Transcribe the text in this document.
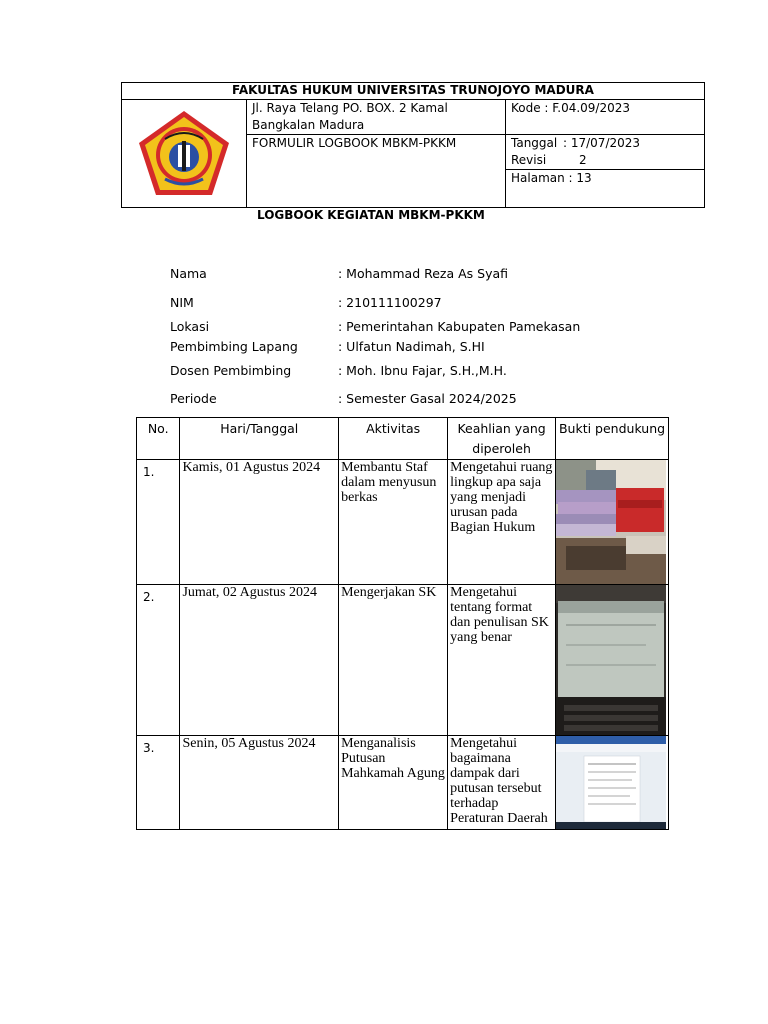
FAKULTAS HUKUM UNIVERSITAS TRUNOJOYO MADURA		

	Jl. Raya Telang PO. BOX. 2 Kamal Bangkalan Madura	Kode : F.04.09/2023
	FORMULIR LOGBOOK MBKM-PKKM	Tanggal : 17/07/2023
Revisi 2

		Halaman : 13
LOGBOOK KEGIATAN MBKM-PKKM
Nama	: Mohammad Reza As Syafi
NIM	: 210111100297
Lokasi	: Pemerintahan Kabupaten Pamekasan
Pembimbing Lapang	: Ulfatun Nadimah, S.HI
Dosen Pembimbing	: Moh. Ibnu Fajar, S.H.,M.H.
Periode	: Semester Gasal 2024/2025
No.	Hari/Tanggal	Aktivitas	Keahlian yang diperoleh	Bukti pendukung
1.	Kamis, 01 Agustus 2024	Membantu Staf dalam menyusun berkas	Mengetahui ruang lingkup apa saja yang menjadi urusan pada Bagian Hukum	

2.	Jumat, 02 Agustus 2024	Mengerjakan SK	Mengetahui tentang format dan penulisan SK yang benar	

3.	Senin, 05 Agustus 2024	Menganalisis Putusan Mahkamah Agung	Mengetahui bagaimana dampak dari putusan tersebut terhadap Peraturan Daerah	
